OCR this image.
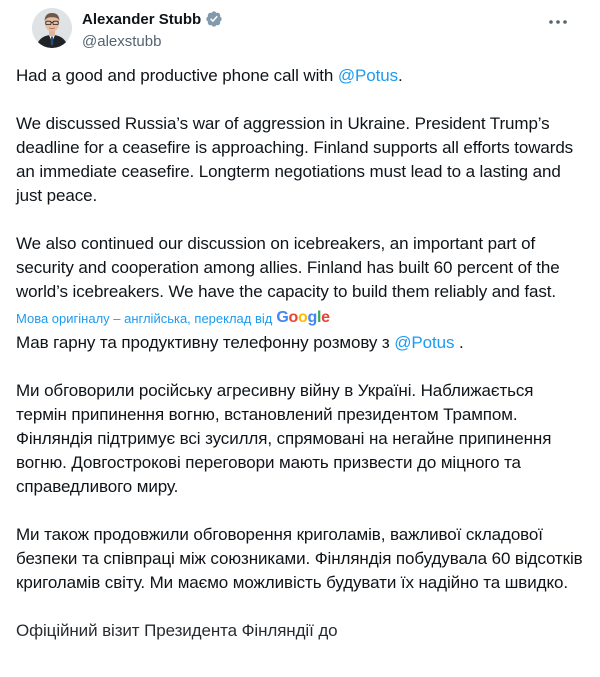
Alexander Stubb
@alexstubb

Had a good and productive phone call with @Potus.

We discussed Russia’s war of aggression in Ukraine. President Trump’s deadline for a ceasefire is approaching. Finland supports all efforts towards an immediate ceasefire. Longterm negotiations must lead to a lasting and just peace.

We also continued our discussion on icebreakers, an important part of security and cooperation among allies. Finland has built 60 percent of the world’s icebreakers. We have the capacity to build them reliably and fast.

Мова оригіналу – англійська, переклад від Google

Мав гарну та продуктивну телефонну розмову з @Potus .

Ми обговорили російську агресивну війну в Україні. Наближається термін припинення вогню, встановлений президентом Трампом. Фінляндія підтримує всі зусилля, спрямовані на негайне припинення вогню. Довгострокові переговори мають призвести до міцного та справедливого миру.

Ми також продовжили обговорення криголамів, важливої складової безпеки та співпраці між союзниками. Фінляндія побудувала 60 відсотків криголамів світу. Ми маємо можливість будувати їх надійно та швидко.

Офіційний візит Президента Фінляндії до
